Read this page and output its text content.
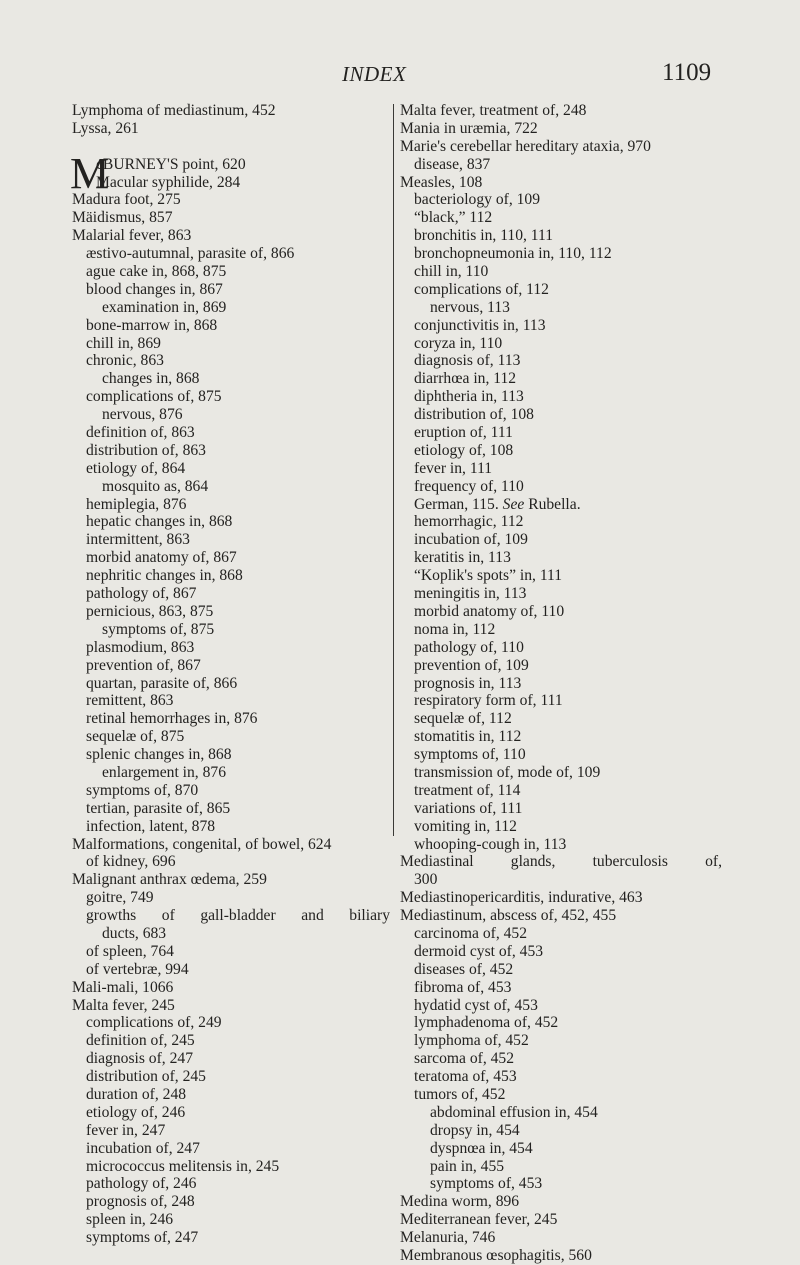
INDEX	1109
Lymphoma of mediastinum, 452
Lyssa, 261
M
cBURNEY'S point, 620
Macular syphilide, 284
Madura foot, 275
Mäidismus, 857
Malarial fever, 863
æstivo-autumnal, parasite of, 866
ague cake in, 868, 875
blood changes in, 867
examination in, 869
bone-marrow in, 868
chill in, 869
chronic, 863
changes in, 868
complications of, 875
nervous, 876
definition of, 863
distribution of, 863
etiology of, 864
mosquito as, 864
hemiplegia, 876
hepatic changes in, 868
intermittent, 863
morbid anatomy of, 867
nephritic changes in, 868
pathology of, 867
pernicious, 863, 875
symptoms of, 875
plasmodium, 863
prevention of, 867
quartan, parasite of, 866
remittent, 863
retinal hemorrhages in, 876
sequelæ of, 875
splenic changes in, 868
enlargement in, 876
symptoms of, 870
tertian, parasite of, 865
infection, latent, 878
Malformations, congenital, of bowel, 624
of kidney, 696
Malignant anthrax œdema, 259
goitre, 749
growths of gall-bladder and biliary
ducts, 683
of spleen, 764
of vertebræ, 994
Mali-mali, 1066
Malta fever, 245
complications of, 249
definition of, 245
diagnosis of, 247
distribution of, 245
duration of, 248
etiology of, 246
fever in, 247
incubation of, 247
micrococcus melitensis in, 245
pathology of, 246
prognosis of, 248
spleen in, 246
symptoms of, 247
Malta fever, treatment of, 248
Mania in uræmia, 722
Marie's cerebellar hereditary ataxia, 970
disease, 837
Measles, 108
bacteriology of, 109
“black,” 112
bronchitis in, 110, 111
bronchopneumonia in, 110, 112
chill in, 110
complications of, 112
nervous, 113
conjunctivitis in, 113
coryza in, 110
diagnosis of, 113
diarrhœa in, 112
diphtheria in, 113
distribution of, 108
eruption of, 111
etiology of, 108
fever in, 111
frequency of, 110
German, 115. See Rubella.
hemorrhagic, 112
incubation of, 109
keratitis in, 113
“Koplik's spots” in, 111
meningitis in, 113
morbid anatomy of, 110
noma in, 112
pathology of, 110
prevention of, 109
prognosis in, 113
respiratory form of, 111
sequelæ of, 112
stomatitis in, 112
symptoms of, 110
transmission of, mode of, 109
treatment of, 114
variations of, 111
vomiting in, 112
whooping-cough in, 113
Mediastinal glands, tuberculosis of,
300
Mediastinopericarditis, indurative, 463
Mediastinum, abscess of, 452, 455
carcinoma of, 452
dermoid cyst of, 453
diseases of, 452
fibroma of, 453
hydatid cyst of, 453
lymphadenoma of, 452
lymphoma of, 452
sarcoma of, 452
teratoma of, 453
tumors of, 452
abdominal effusion in, 454
dropsy in, 454
dyspnœa in, 454
pain in, 455
symptoms of, 453
Medina worm, 896
Mediterranean fever, 245
Melanuria, 746
Membranous œsophagitis, 560
